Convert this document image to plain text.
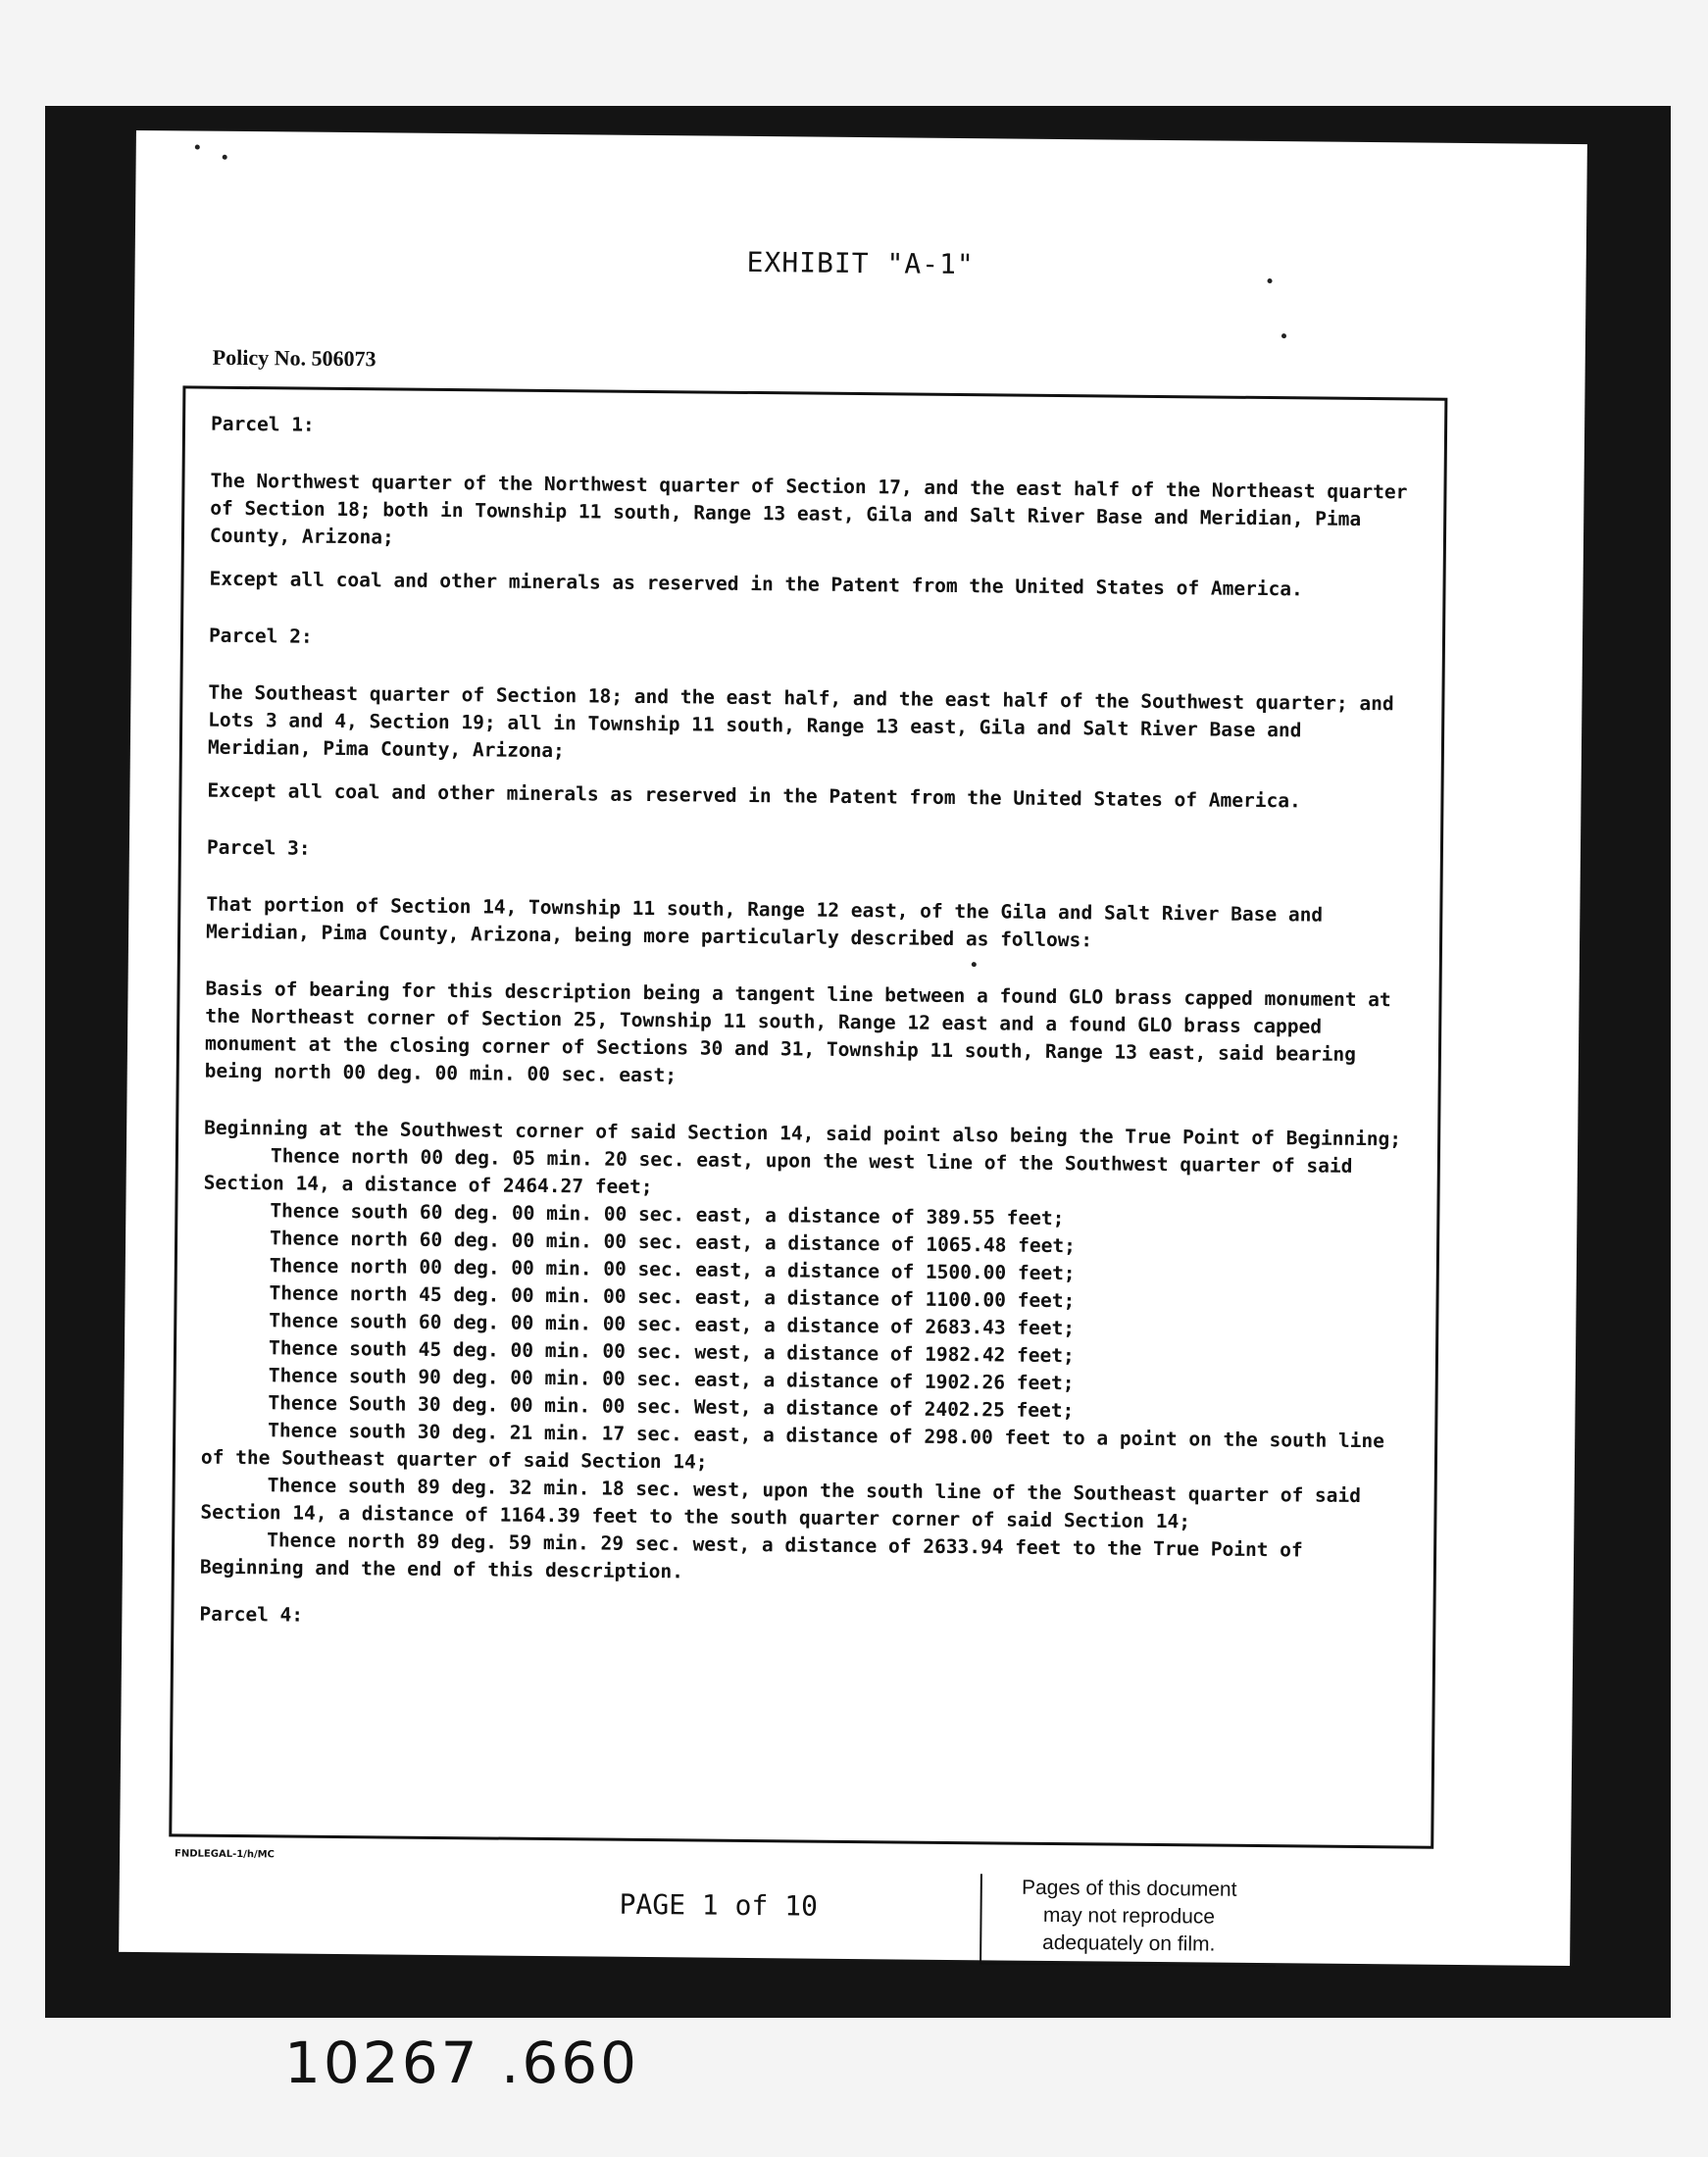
EXHIBIT "A-1"
Policy No. 506073
Parcel 1:
The Northwest quarter of the Northwest quarter of Section 17, and the east half of the Northeast quarter of Section 18; both in Township 11 south, Range 13 east, Gila and Salt River Base and Meridian, Pima County, Arizona;
Except all coal and other minerals as reserved in the Patent from the United States of America.
Parcel 2:
The Southeast quarter of Section 18; and the east half, and the east half of the Southwest quarter; and Lots 3 and 4, Section 19; all in Township 11 south, Range 13 east, Gila and Salt River Base and Meridian, Pima County, Arizona;
Except all coal and other minerals as reserved in the Patent from the United States of America.
Parcel 3:
That portion of Section 14, Township 11 south, Range 12 east, of the Gila and Salt River Base and Meridian, Pima County, Arizona, being more particularly described as follows:
Basis of bearing for this description being a tangent line between a found GLO brass capped monument at the Northeast corner of Section 25, Township 11 south, Range 12 east and a found GLO brass capped monument at the closing corner of Sections 30 and 31, Township 11 south, Range 13 east, said bearing being north 00 deg. 00 min. 00 sec. east;
Beginning at the Southwest corner of said Section 14, said point also being the True Point of Beginning;
Thence north 00 deg. 05 min. 20 sec. east, upon the west line of the Southwest quarter of said Section 14, a distance of 2464.27 feet;
Thence south 60 deg. 00 min. 00 sec. east, a distance of 389.55 feet;
Thence north 60 deg. 00 min. 00 sec. east, a distance of 1065.48 feet;
Thence north 00 deg. 00 min. 00 sec. east, a distance of 1500.00 feet;
Thence north 45 deg. 00 min. 00 sec. east, a distance of 1100.00 feet;
Thence south 60 deg. 00 min. 00 sec. east, a distance of 2683.43 feet;
Thence south 45 deg. 00 min. 00 sec. west, a distance of 1982.42 feet;
Thence south 90 deg. 00 min. 00 sec. east, a distance of 1902.26 feet;
Thence South 30 deg. 00 min. 00 sec. West, a distance of 2402.25 feet;
Thence south 30 deg. 21 min. 17 sec. east, a distance of 298.00 feet to a point on the south line of the Southeast quarter of said Section 14;
Thence south 89 deg. 32 min. 18 sec. west, upon the south line of the Southeast quarter of said Section 14, a distance of 1164.39 feet to the south quarter corner of said Section 14;
Thence north 89 deg. 59 min. 29 sec. west, a distance of 2633.94 feet to the True Point of Beginning and the end of this description.
Parcel 4:
FNDLEGAL-1/h/MC
PAGE 1 of 10	Pages of this document
may not reproduce
adequately on film.
10267 .660
